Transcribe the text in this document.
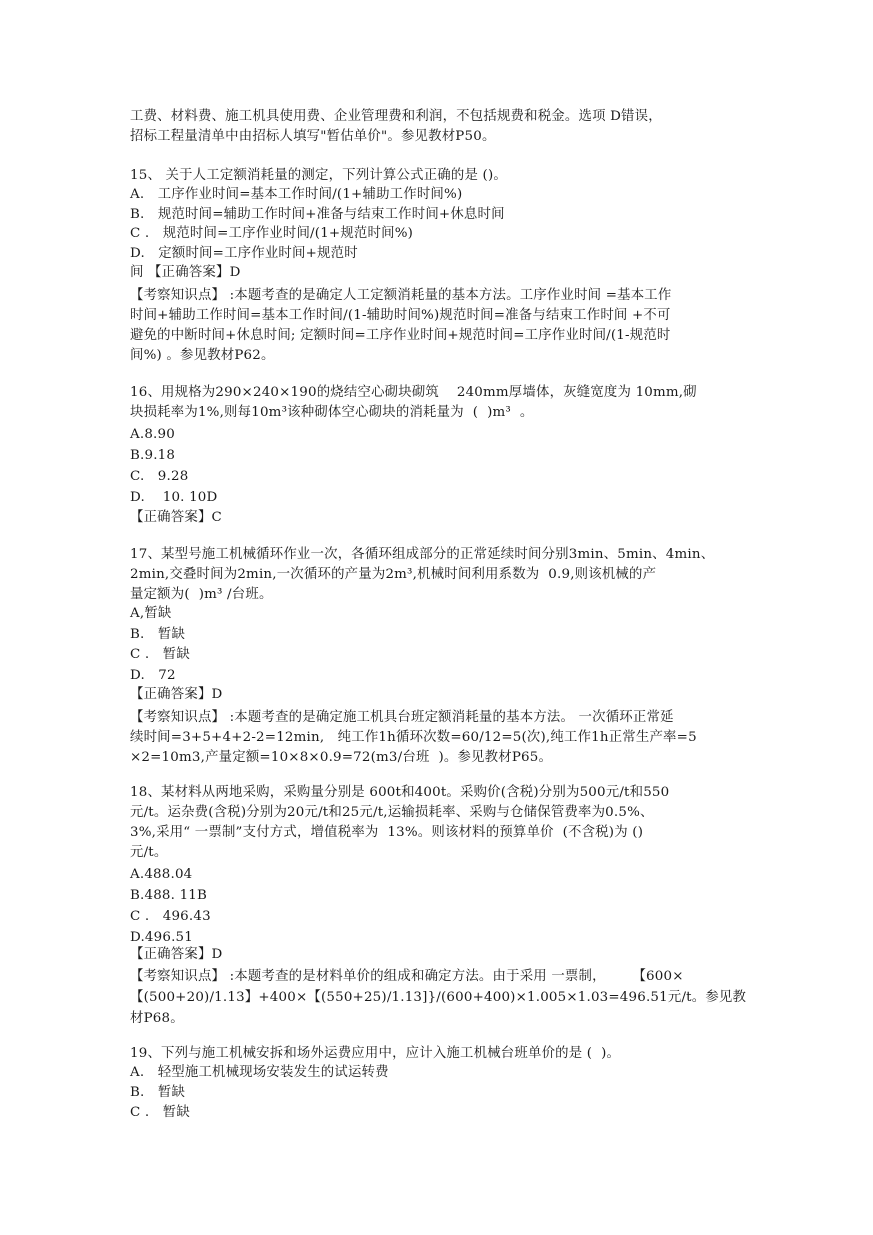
工费、材料费、施工机具使用费、企业管理费和利润，不包括规费和税金。选项 D错误，
招标工程量清单中由招标人填写"暂估单价"。参见教材P50。
15、 关于人工定额消耗量的测定，下列计算公式正确的是 ()。
A.   工序作业时间=基本工作时间/(1+辅助工作时间%)
B.   规范时间=辅助工作时间+准备与结束工作时间+休息时间
C .   规范时间=工序作业时间/(1+规范时间%)
D.   定额时间=工序作业时间+规范时
间 【正确答案】D
【考察知识点】 :本题考查的是确定人工定额消耗量的基本方法。工序作业时间 =基本工作
时间+辅助工作时间=基本工作时间/(1-辅助时间%)规范时间=准备与结束工作时间 +不可
避免的中断时间+休息时间; 定额时间=工序作业时间+规范时间=工序作业时间/(1-规范时
间%) 。参见教材P62。
16、用规格为290×240×190的烧结空心砌块砌筑    240mm厚墙体，灰缝宽度为 10mm,砌
块损耗率为1%,则每10m³该种砌体空心砌块的消耗量为  (  )m³  。
A.8.90
B.9.18
C.   9.28
D.    10. 10D
【正确答案】C
17、某型号施工机械循环作业一次，各循环组成部分的正常延续时间分别3min、5min、4min、
2min,交叠时间为2min,一次循环的产量为2m³,机械时间利用系数为  0.9,则该机械的产
量定额为(  )m³ /台班。
A,暂缺
B.   暂缺
C .   暂缺
D.   72
【正确答案】D
【考察知识点】 :本题考查的是确定施工机具台班定额消耗量的基本方法。 一次循环正常延
续时间=3+5+4+2-2=12min,   纯工作1h循环次数=60/12=5(次),纯工作1h正常生产率=5
×2=10m3,产量定额=10×8×0.9=72(m3/台班  )。参见教材P65。
18、某材料从两地采购，采购量分别是 600t和400t。采购价(含税)分别为500元/t和550
元/t。运杂费(含税)分别为20元/t和25元/t,运输损耗率、采购与仓储保管费率为0.5%、
3%,采用“ 一票制”支付方式，增值税率为  13%。则该材料的预算单价  (不含税)为 ()
元/t。
A.488.04
B.488. 11B
C .   496.43
D.496.51
【正确答案】D
【考察知识点】 :本题考查的是材料单价的组成和确定方法。由于采用 一票制，      【600×
【(500+20)/1.13】+400×【(550+25)/1.13]}/(600+400)×1.005×1.03=496.51元/t。参见教
材P68。
19、下列与施工机械安拆和场外运费应用中，应计入施工机械台班单价的是 (  )。
A.   轻型施工机械现场安装发生的试运转费
B.   暂缺
C .   暂缺
